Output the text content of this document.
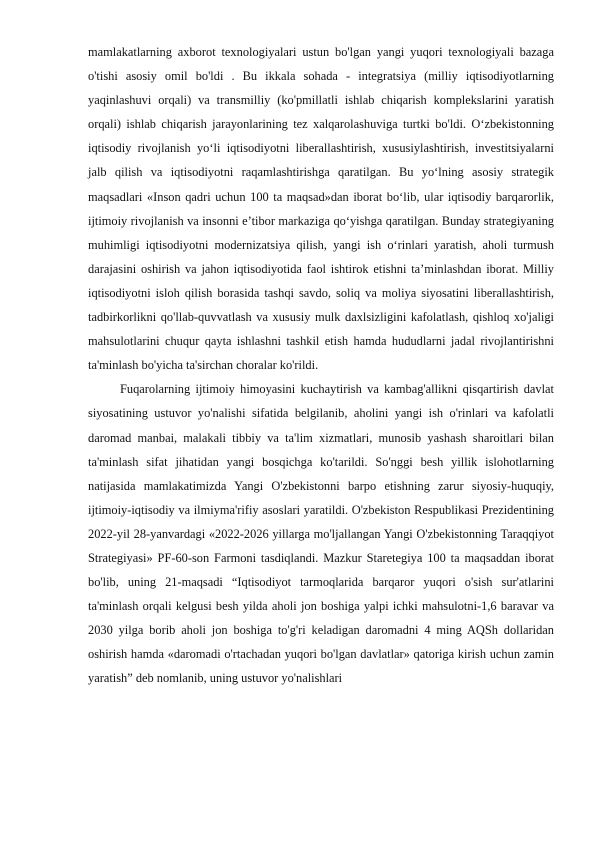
mamlakatlarning axborot texnologiyalari ustun bo'lgan yangi yuqori texnologiyali bazaga o'tishi asosiy omil bo'ldi . Bu ikkala sohada - integratsiya (milliy iqtisodiyotlarning yaqinlashuvi orqali) va transmilliy (ko'pmillatli ishlab chiqarish komplekslarini yaratish orqali) ishlab chiqarish jarayonlarining tez xalqarolashuviga turtki bo'ldi. O‘zbekistonning iqtisodiy rivojlanish yo‘li iqtisodiyotni liberallashtirish, xususiylashtirish, investitsiyalarni jalb qilish va iqtisodiyotni raqamlashtirishga qaratilgan. Bu yo‘lning asosiy strategik maqsadlari «Inson qadri uchun 100 ta maqsad»dan iborat bo‘lib, ular iqtisodiy barqarorlik, ijtimoiy rivojlanish va insonni e’tibor markaziga qo‘yishga qaratilgan. Bunday strategiyaning muhimligi iqtisodiyotni modernizatsiya qilish, yangi ish o‘rinlari yaratish, aholi turmush darajasini oshirish va jahon iqtisodiyotida faol ishtirok etishni ta’minlashdan iborat. Milliy iqtisodiyotni isloh qilish borasida tashqi savdo, soliq va moliya siyosatini liberallashtirish, tadbirkorlikni qo'llab-quvvatlash va xususiy mulk daxlsizligini kafolatlash, qishloq xo'jaligi mahsulotlarini chuqur qayta ishlashni tashkil etish hamda hududlarni jadal rivojlantirishni ta'minlash bo'yicha ta'sirchan choralar ko'rildi.

Fuqarolarning ijtimoiy himoyasini kuchaytirish va kambag'allikni qisqartirish davlat siyosatining ustuvor yo'nalishi sifatida belgilanib, aholini yangi ish o'rinlari va kafolatli daromad manbai, malakali tibbiy va ta'lim xizmatlari, munosib yashash sharoitlari bilan ta'minlash sifat jihatidan yangi bosqichga ko'tarildi. So'nggi besh yillik islohotlarning natijasida mamlakatimizda Yangi O'zbekistonni barpo etishning zarur siyosiy-huquqiy, ijtimoiy-iqtisodiy va ilmiyma'rifiy asoslari yaratildi. O'zbekiston Respublikasi Prezidentining 2022-yil 28-yanvardagi «2022-2026 yillarga mo'ljallangan Yangi O'zbekistonning Taraqqiyot Strategiyasi» PF-60-son Farmoni tasdiqlandi. Mazkur Staretegiya 100 ta maqsaddan iborat bo'lib, uning 21-maqsadi “Iqtisodiyot tarmoqlarida barqaror yuqori o'sish sur'atlarini ta'minlash orqali kelgusi besh yilda aholi jon boshiga yalpi ichki mahsulotni-1,6 baravar va 2030 yilga borib aholi jon boshiga to'g'ri keladigan daromadni 4 ming AQSh dollaridan oshirish hamda «daromadi o'rtachadan yuqori bo'lgan davlatlar» qatoriga kirish uchun zamin yaratish” deb nomlanib, uning ustuvor yo'nalishlari
